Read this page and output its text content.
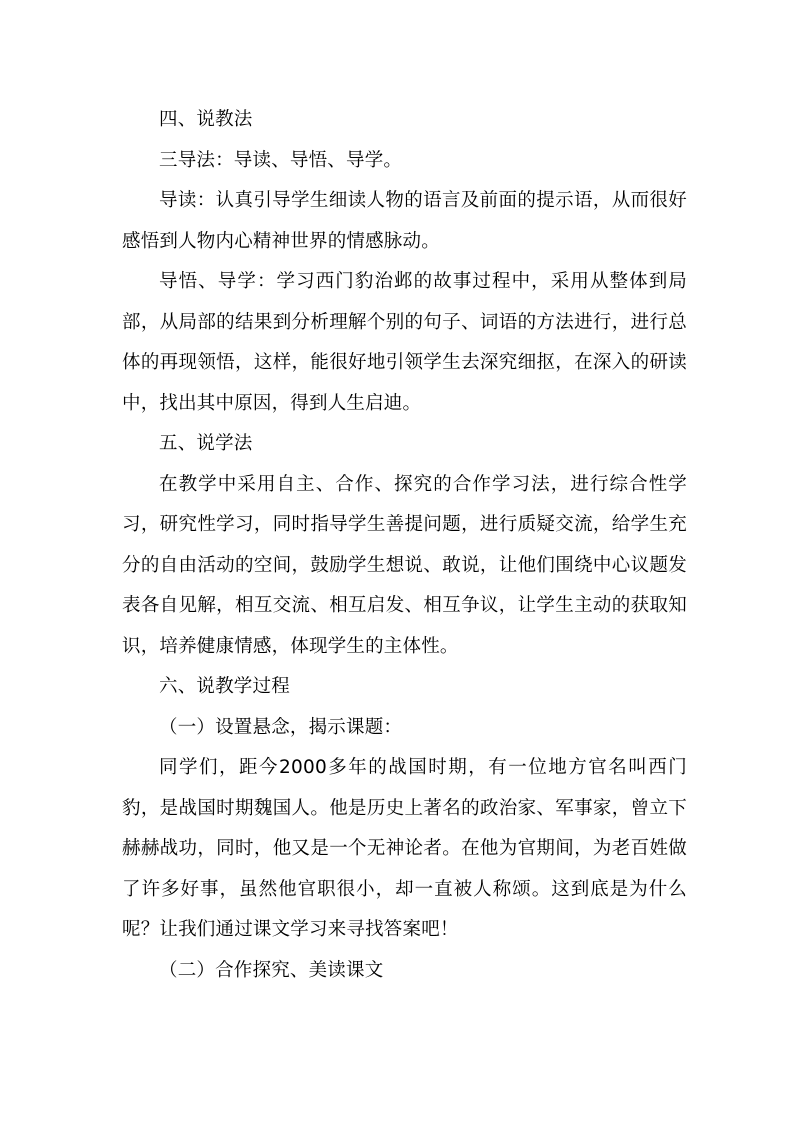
四、说教法

三导法：导读、导悟、导学。

导读：认真引导学生细读人物的语言及前面的提示语，从而很好感悟到人物内心精神世界的情感脉动。

导悟、导学：学习西门豹治邺的故事过程中，采用从整体到局部，从局部的结果到分析理解个别的句子、词语的方法进行，进行总体的再现领悟，这样，能很好地引领学生去深究细抠，在深入的研读中，找出其中原因，得到人生启迪。

五、说学法

在教学中采用自主、合作、探究的合作学习法，进行综合性学习，研究性学习，同时指导学生善提问题，进行质疑交流，给学生充分的自由活动的空间，鼓励学生想说、敢说，让他们围绕中心议题发表各自见解，相互交流、相互启发、相互争议，让学生主动的获取知识，培养健康情感，体现学生的主体性。

六、说教学过程

（一）设置悬念，揭示课题：

同学们，距今2000多年的战国时期，有一位地方官名叫西门豹，是战国时期魏国人。他是历史上著名的政治家、军事家，曾立下赫赫战功，同时，他又是一个无神论者。在他为官期间，为老百姓做了许多好事，虽然他官职很小，却一直被人称颂。这到底是为什么呢？让我们通过课文学习来寻找答案吧！

（二）合作探究、美读课文
